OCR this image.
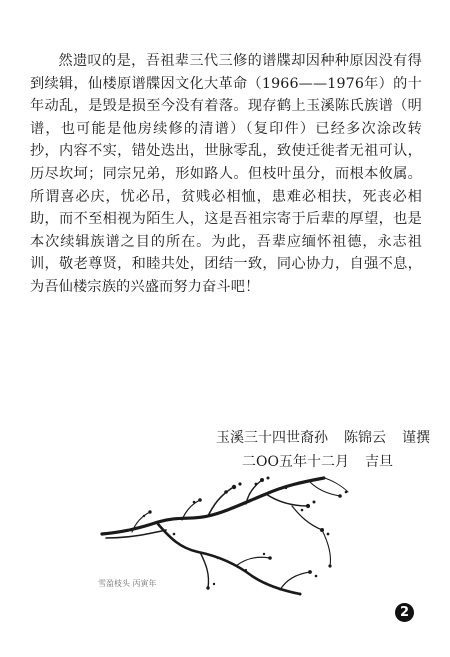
然遗叹的是，吾祖辈三代三修的谱牒却因种种原因没有得到续辑，仙楼原谱牒因文化大革命（1966——1976年）的十年动乱，是毁是损至今没有着落。现存鹤上玉溪陈氏族谱（明谱，也可能是他房续修的清谱）（复印件）已经多次涂改转抄，内容不实，错处迭出，世脉零乱，致使迁徙者无祖可认，历尽坎坷；同宗兄弟，形如路人。但枝叶虽分，而根本攸属。所谓喜必庆，忧必吊，贫贱必相恤，患难必相扶，死丧必相助，而不至相视为陌生人，这是吾祖宗寄于后辈的厚望，也是本次续辑族谱之目的所在。为此，吾辈应缅怀祖德，永志祖训，敬老尊贤，和睦共处，团结一致，同心协力，自强不息，为吾仙楼宗族的兴盛而努力奋斗吧！

玉溪三十四世裔孙 陈锦云 谨撰
二OO五年十二月 吉旦
雪盈枝头 丙寅年
2
